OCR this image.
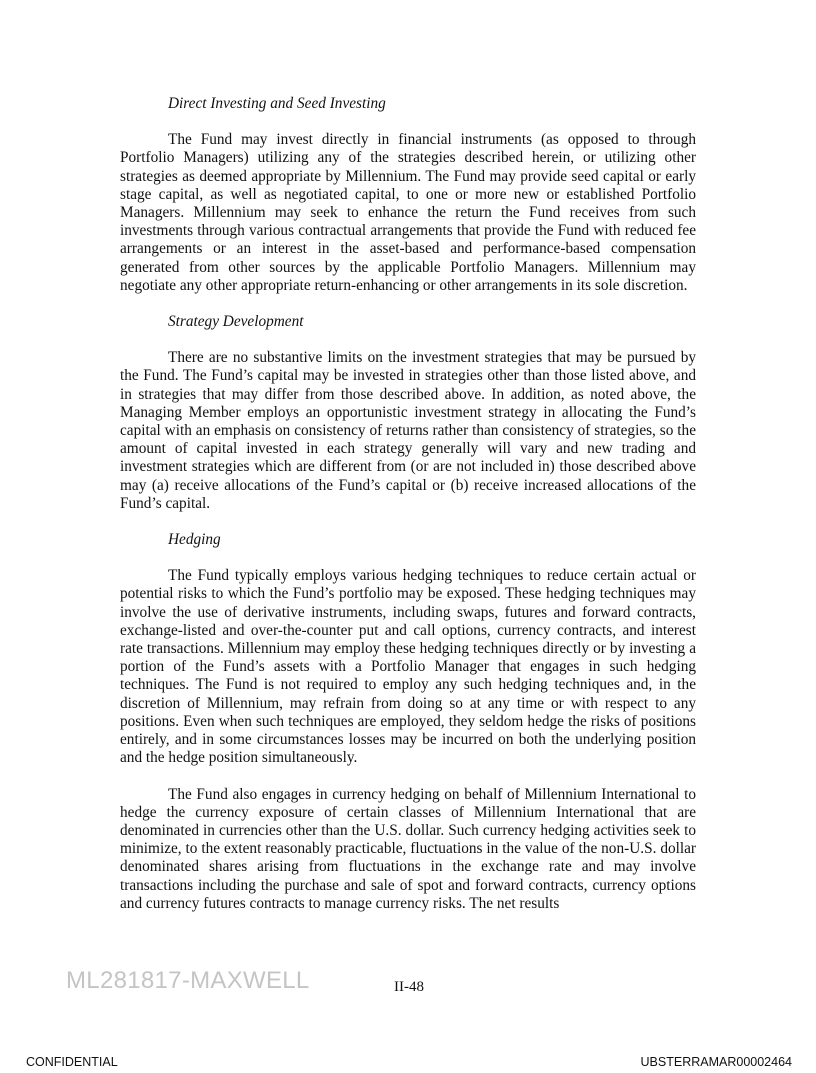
Direct Investing and Seed Investing

The Fund may invest directly in financial instruments (as opposed to through Portfolio Managers) utilizing any of the strategies described herein, or utilizing other strategies as deemed appropriate by Millennium. The Fund may provide seed capital or early stage capital, as well as negotiated capital, to one or more new or established Portfolio Managers. Millennium may seek to enhance the return the Fund receives from such investments through various contractual arrangements that provide the Fund with reduced fee arrangements or an interest in the asset-based and performance-based compensation generated from other sources by the applicable Portfolio Managers. Millennium may negotiate any other appropriate return-enhancing or other arrangements in its sole discretion.

Strategy Development

There are no substantive limits on the investment strategies that may be pursued by the Fund. The Fund’s capital may be invested in strategies other than those listed above, and in strategies that may differ from those described above. In addition, as noted above, the Managing Member employs an opportunistic investment strategy in allocating the Fund’s capital with an emphasis on consistency of returns rather than consistency of strategies, so the amount of capital invested in each strategy generally will vary and new trading and investment strategies which are different from (or are not included in) those described above may (a) receive allocations of the Fund’s capital or (b) receive increased allocations of the Fund’s capital.

Hedging

The Fund typically employs various hedging techniques to reduce certain actual or potential risks to which the Fund’s portfolio may be exposed. These hedging techniques may involve the use of derivative instruments, including swaps, futures and forward contracts, exchange-listed and over-the-counter put and call options, currency contracts, and interest rate transactions. Millennium may employ these hedging techniques directly or by investing a portion of the Fund’s assets with a Portfolio Manager that engages in such hedging techniques. The Fund is not required to employ any such hedging techniques and, in the discretion of Millennium, may refrain from doing so at any time or with respect to any positions. Even when such techniques are employed, they seldom hedge the risks of positions entirely, and in some circumstances losses may be incurred on both the underlying position and the hedge position simultaneously.

The Fund also engages in currency hedging on behalf of Millennium International to hedge the currency exposure of certain classes of Millennium International that are denominated in currencies other than the U.S. dollar. Such currency hedging activities seek to minimize, to the extent reasonably practicable, fluctuations in the value of the non-U.S. dollar denominated shares arising from fluctuations in the exchange rate and may involve transactions including the purchase and sale of spot and forward contracts, currency options and currency futures contracts to manage currency risks. The net results

ML281817-MAXWELL	II-48
CONFIDENTIAL	UBSTERRAMAR00002464
